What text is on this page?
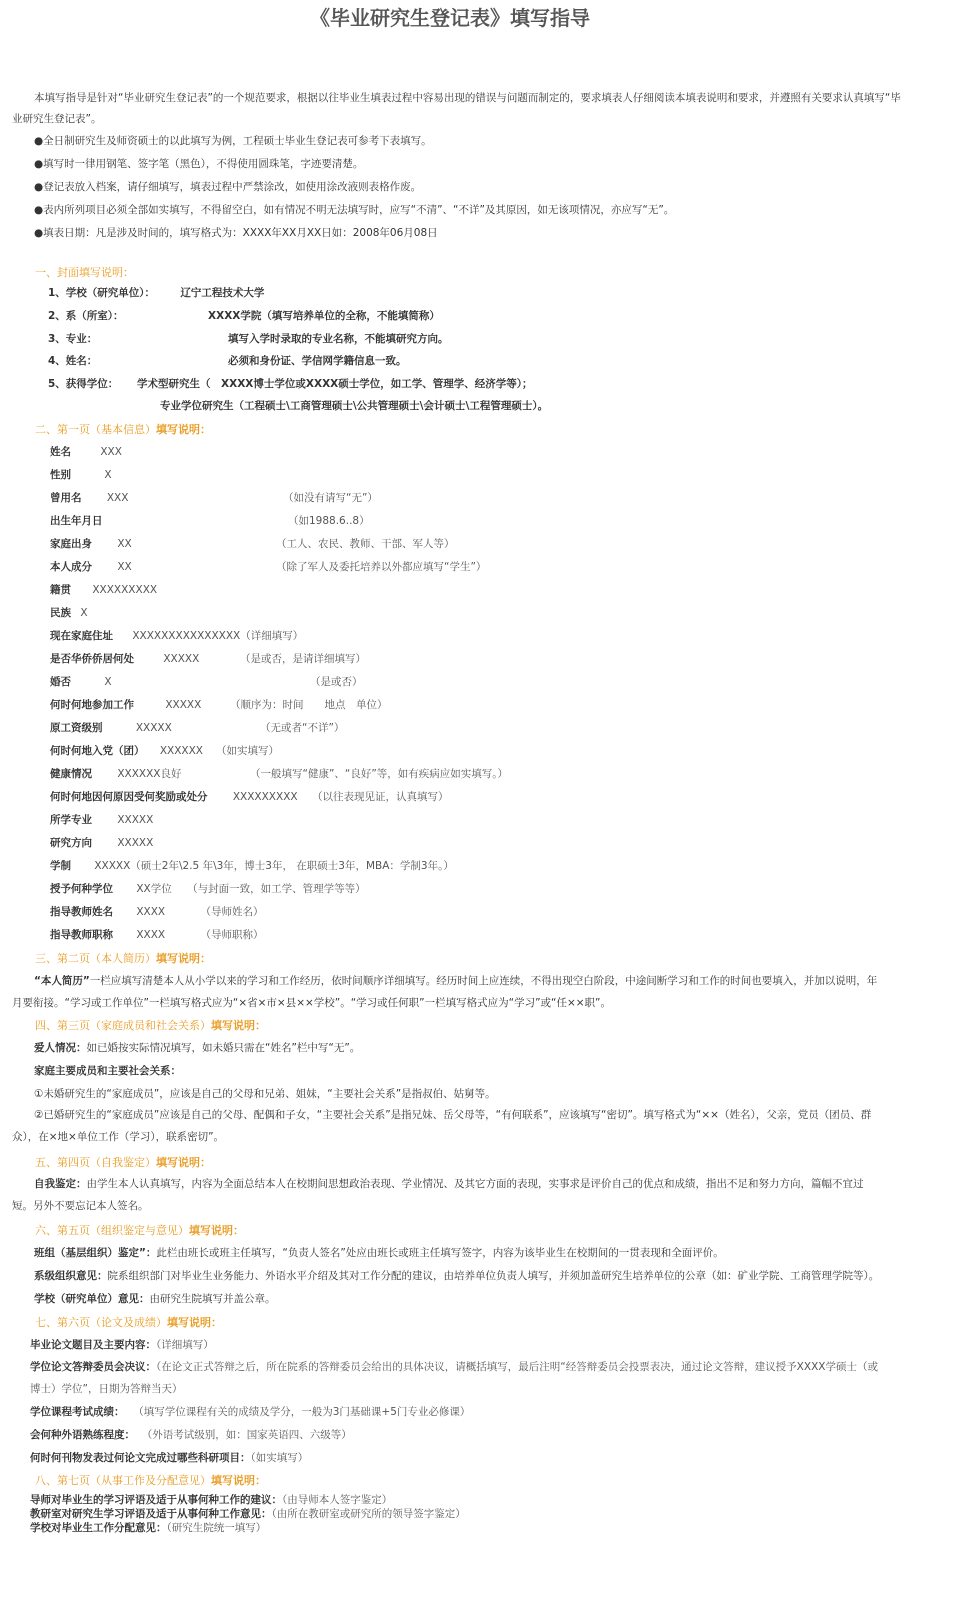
《毕业研究生登记表》填写指导

本填写指导是针对“毕业研究生登记表”的一个规范要求，根据以往毕业生填表过程中容易出现的错误与问题而制定的，要求填表人仔细阅读本填表说明和要求，并遵照有关要求认真填写“毕业研究生登记表”。

●全日制研究生及师资硕士的以此填写为例，工程硕士毕业生登记表可参考下表填写。

●填写时一律用钢笔、签字笔（黑色），不得使用圆珠笔，字迹要清楚。

●登记表放入档案，请仔细填写，填表过程中严禁涂改，如使用涂改液则表格作废。

●表内所列项目必须全部如实填写，不得留空白，如有情况不明无法填写时，应写“不清”、“不详”及其原因，如无该项情况，亦应写“无”。

●填表日期：凡是涉及时间的，填写格式为：XXXX年XX月XX日如：2008年06月08日

一、封面填写说明：
1、学校（研究单位）： 辽宁工程技术大学
2、系（所室）：	XXXX学院（填写培养单位的全称，不能填简称）
3、专业：	填写入学时录取的专业名称，不能填研究方向。
4、姓名：	必须和身份证、学信网学籍信息一致。
5、获得学位： 学术型研究生（　XXXX博士学位或XXXX硕士学位，如工学、管理学、经济学等）；
专业学位研究生（工程硕士\工商管理硕士\公共管理硕士\会计硕士\工程管理硕士）。
二、第一页（基本信息）填写说明：
姓名	XXX
性别	X
曾用名 XXX	（如没有请写“无”）
出生年月日	（如1988.6..8）
家庭出身 XX	（工人、农民、教师、干部、军人等）
本人成分 XX	（除了军人及委托培养以外都应填写“学生”）
籍贯 XXXXXXXXX
民族 X
现在家庭住址 XXXXXXXXXXXXXXX（详细填写）
是否华侨侨居何处	XXXXX	（是或否，是请详细填写）
婚否	X	（是或否）
何时何地参加工作	XXXXX	（顺序为：时间　　地点　单位）
原工资级别	XXXXX	（无或者“不详”）
何时何地入党（团） XXXXXX （如实填写）
健康情况 XXXXXX良好	（一般填写“健康”、“良好”等，如有疾病应如实填写。）
何时何地因何原因受何奖励或处分 XXXXXXXXX （以往表现见证，认真填写）
所学专业 XXXXX
研究方向 XXXXX
学制 XXXXX（硕士2年\2.5 年\3年，博士3年， 在职硕士3年，MBA：学制3年。）
授予何种学位 XX学位 （与封面一致，如工学、管理学等等）
指导教师姓名 XXXX	（导师姓名）
指导教师职称 XXXX	（导师职称）
三、第二页（本人简历）填写说明：

“本人简历”一栏应填写清楚本人从小学以来的学习和工作经历，依时间顺序详细填写。经历时间上应连续，不得出现空白阶段，中途间断学习和工作的时间也要填入，并加以说明，年月要衔接。“学习或工作单位”一栏填写格式应为“×省×市×县××学校”。“学习或任何职”一栏填写格式应为“学习”或“任××职”。

四、第三页（家庭成员和社会关系）填写说明：
爱人情况：如已婚按实际情况填写，如未婚只需在“姓名”栏中写“无”。
家庭主要成员和主要社会关系：
①未婚研究生的“家庭成员”，应该是自己的父母和兄弟、姐妹，“主要社会关系”是指叔伯、姑舅等。

②已婚研究生的“家庭成员”应该是自己的父母、配偶和子女，“主要社会关系”是指兄妹、岳父母等，“有何联系”，应该填写“密切”。填写格式为“××（姓名），父亲，党员（团员、群众），在×地×单位工作（学习），联系密切”。

五、第四页（自我鉴定）填写说明：

自我鉴定：由学生本人认真填写，内容为全面总结本人在校期间思想政治表现、学业情况、及其它方面的表现，实事求是评价自己的优点和成绩，指出不足和努力方向，篇幅不宜过短。另外不要忘记本人签名。

六、第五页（组织鉴定与意见）填写说明：
班组（基层组织）鉴定”：此栏由班长或班主任填写，“负责人签名”处应由班长或班主任填写签字，内容为该毕业生在校期间的一贯表现和全面评价。
系级组织意见：院系组织部门对毕业生业务能力、外语水平介绍及其对工作分配的建议，由培养单位负责人填写，并须加盖研究生培养单位的公章（如：矿业学院、工商管理学院等）。
学校（研究单位）意见：由研究生院填写并盖公章。
七、第六页（论文及成绩）填写说明：
毕业论文题目及主要内容：（详细填写）

学位论文答辩委员会决议：（在论文正式答辩之后，所在院系的答辩委员会给出的具体决议，请概括填写，最后注明“经答辩委员会投票表决，通过论文答辩，建议授予XXXX学硕士（或博士）学位”，日期为答辩当天）

学位课程考试成绩： （填写学位课程有关的成绩及学分，一般为3门基础课+5门专业必修课）
会何种外语熟练程度： （外语考试级别，如：国家英语四、六级等）
何时何刊物发表过何论文完成过哪些科研项目：（如实填写）
八、第七页（从事工作及分配意见）填写说明：
导师对毕业生的学习评语及适于从事何种工作的建议：（由导师本人签字鉴定）
教研室对研究生学习评语及适于从事何种工作意见：（由所在教研室或研究所的领导签字鉴定）
学校对毕业生工作分配意见：（研究生院统一填写）
